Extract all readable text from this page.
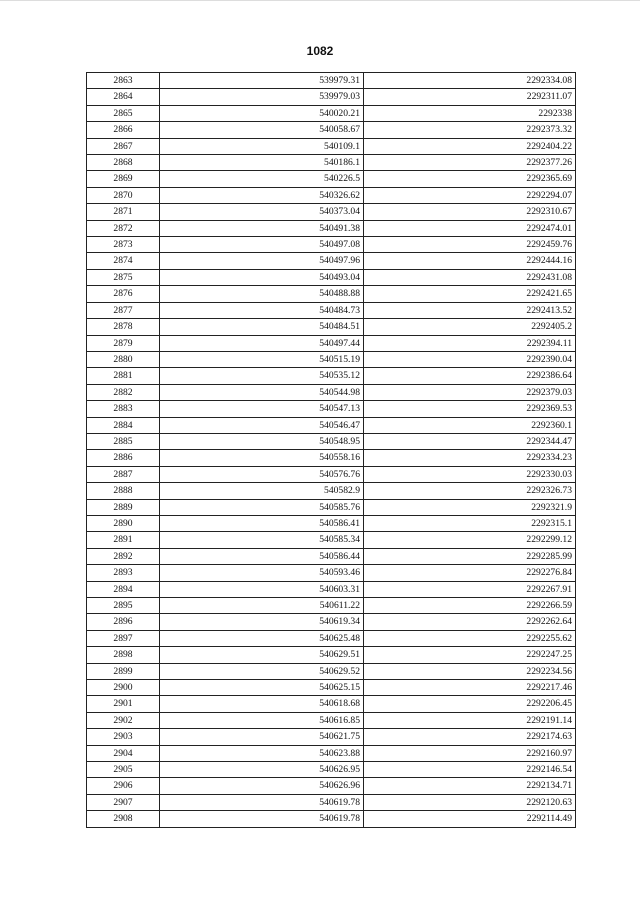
1082
2863	539979.31	2292334.08
2864	539979.03	2292311.07
2865	540020.21	2292338
2866	540058.67	2292373.32
2867	540109.1	2292404.22
2868	540186.1	2292377.26
2869	540226.5	2292365.69
2870	540326.62	2292294.07
2871	540373.04	2292310.67
2872	540491.38	2292474.01
2873	540497.08	2292459.76
2874	540497.96	2292444.16
2875	540493.04	2292431.08
2876	540488.88	2292421.65
2877	540484.73	2292413.52
2878	540484.51	2292405.2
2879	540497.44	2292394.11
2880	540515.19	2292390.04
2881	540535.12	2292386.64
2882	540544.98	2292379.03
2883	540547.13	2292369.53
2884	540546.47	2292360.1
2885	540548.95	2292344.47
2886	540558.16	2292334.23
2887	540576.76	2292330.03
2888	540582.9	2292326.73
2889	540585.76	2292321.9
2890	540586.41	2292315.1
2891	540585.34	2292299.12
2892	540586.44	2292285.99
2893	540593.46	2292276.84
2894	540603.31	2292267.91
2895	540611.22	2292266.59
2896	540619.34	2292262.64
2897	540625.48	2292255.62
2898	540629.51	2292247.25
2899	540629.52	2292234.56
2900	540625.15	2292217.46
2901	540618.68	2292206.45
2902	540616.85	2292191.14
2903	540621.75	2292174.63
2904	540623.88	2292160.97
2905	540626.95	2292146.54
2906	540626.96	2292134.71
2907	540619.78	2292120.63
2908	540619.78	2292114.49
